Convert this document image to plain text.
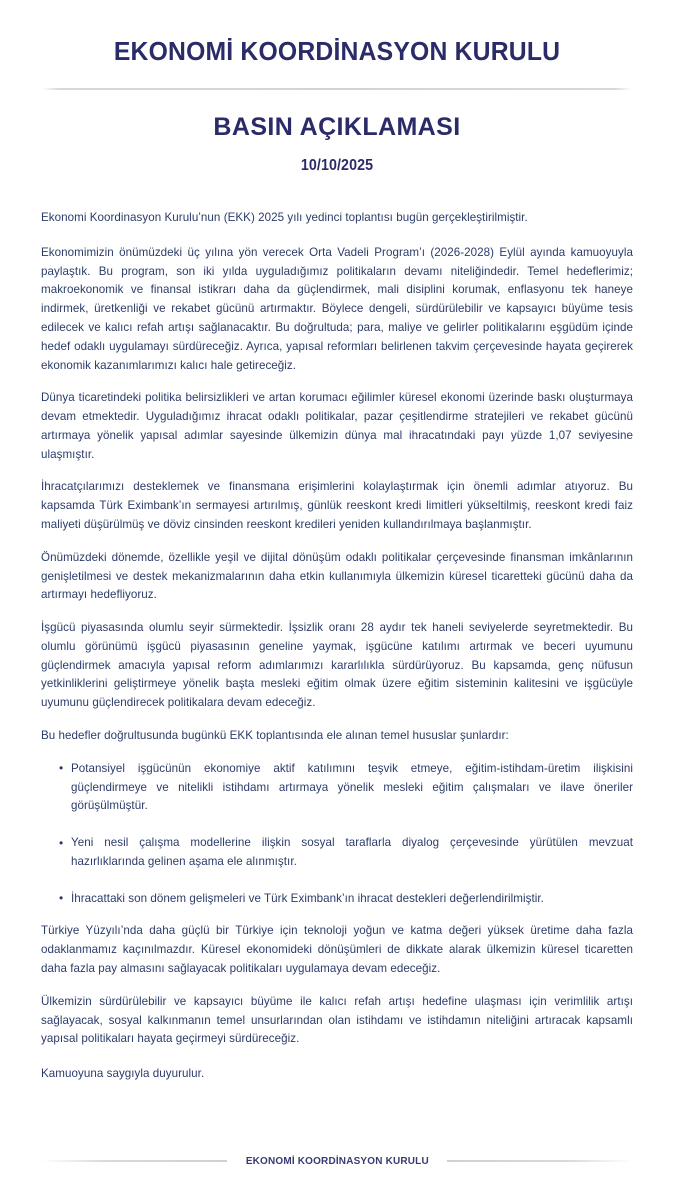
EKONOMİ KOORDİNASYON KURULU
BASIN AÇIKLAMASI
10/10/2025

Ekonomi Koordinasyon Kurulu’nun (EKK) 2025 yılı yedinci toplantısı bugün gerçekleştirilmiştir.

Ekonomimizin önümüzdeki üç yılına yön verecek Orta Vadeli Program’ı (2026-2028) Eylül ayında kamuoyuyla paylaştık. Bu program, son iki yılda uyguladığımız politikaların devamı niteliğindedir. Temel hedeflerimiz; makroekonomik ve finansal istikrarı daha da güçlendirmek, mali disiplini korumak, enflasyonu tek haneye indirmek, üretkenliği ve rekabet gücünü artırmaktır. Böylece dengeli, sürdürülebilir ve kapsayıcı büyüme tesis edilecek ve kalıcı refah artışı sağlanacaktır. Bu doğrultuda; para, maliye ve gelirler politikalarını eşgüdüm içinde hedef odaklı uygulamayı sürdüreceğiz. Ayrıca, yapısal reformları belirlenen takvim çerçevesinde hayata geçirerek ekonomik kazanımlarımızı kalıcı hale getireceğiz.

Dünya ticaretindeki politika belirsizlikleri ve artan korumacı eğilimler küresel ekonomi üzerinde baskı oluşturmaya devam etmektedir. Uyguladığımız ihracat odaklı politikalar, pazar çeşitlendirme stratejileri ve rekabet gücünü artırmaya yönelik yapısal adımlar sayesinde ülkemizin dünya mal ihracatındaki payı yüzde 1,07 seviyesine ulaşmıştır.

İhracatçılarımızı desteklemek ve finansmana erişimlerini kolaylaştırmak için önemli adımlar atıyoruz. Bu kapsamda Türk Eximbank’ın sermayesi artırılmış, günlük reeskont kredi limitleri yükseltilmiş, reeskont kredi faiz maliyeti düşürülmüş ve döviz cinsinden reeskont kredileri yeniden kullandırılmaya başlanmıştır.

Önümüzdeki dönemde, özellikle yeşil ve dijital dönüşüm odaklı politikalar çerçevesinde finansman imkânlarının genişletilmesi ve destek mekanizmalarının daha etkin kullanımıyla ülkemizin küresel ticaretteki gücünü daha da artırmayı hedefliyoruz.

İşgücü piyasasında olumlu seyir sürmektedir. İşsizlik oranı 28 aydır tek haneli seviyelerde seyretmektedir. Bu olumlu görünümü işgücü piyasasının geneline yaymak, işgücüne katılımı artırmak ve beceri uyumunu güçlendirmek amacıyla yapısal reform adımlarımızı kararlılıkla sürdürüyoruz. Bu kapsamda, genç nüfusun yetkinliklerini geliştirmeye yönelik başta mesleki eğitim olmak üzere eğitim sisteminin kalitesini ve işgücüyle uyumunu güçlendirecek politikalara devam edeceğiz.

Bu hedefler doğrultusunda bugünkü EKK toplantısında ele alınan temel hususlar şunlardır:

• Potansiyel işgücünün ekonomiye aktif katılımını teşvik etmeye, eğitim-istihdam-üretim ilişkisini güçlendirmeye ve nitelikli istihdamı artırmaya yönelik mesleki eğitim çalışmaları ve ilave öneriler görüşülmüştür.
• Yeni nesil çalışma modellerine ilişkin sosyal taraflarla diyalog çerçevesinde yürütülen mevzuat hazırlıklarında gelinen aşama ele alınmıştır.
• İhracattaki son dönem gelişmeleri ve Türk Eximbank’ın ihracat destekleri değerlendirilmiştir.

Türkiye Yüzyılı’nda daha güçlü bir Türkiye için teknoloji yoğun ve katma değeri yüksek üretime daha fazla odaklanmamız kaçınılmazdır. Küresel ekonomideki dönüşümleri de dikkate alarak ülkemizin küresel ticaretten daha fazla pay almasını sağlayacak politikaları uygulamaya devam edeceğiz.

Ülkemizin sürdürülebilir ve kapsayıcı büyüme ile kalıcı refah artışı hedefine ulaşması için verimlilik artışı sağlayacak, sosyal kalkınmanın temel unsurlarından olan istihdamı ve istihdamın niteliğini artıracak kapsamlı yapısal politikaları hayata geçirmeyi sürdüreceğiz.

Kamuoyuna saygıyla duyurulur.

EKONOMİ KOORDİNASYON KURULU
